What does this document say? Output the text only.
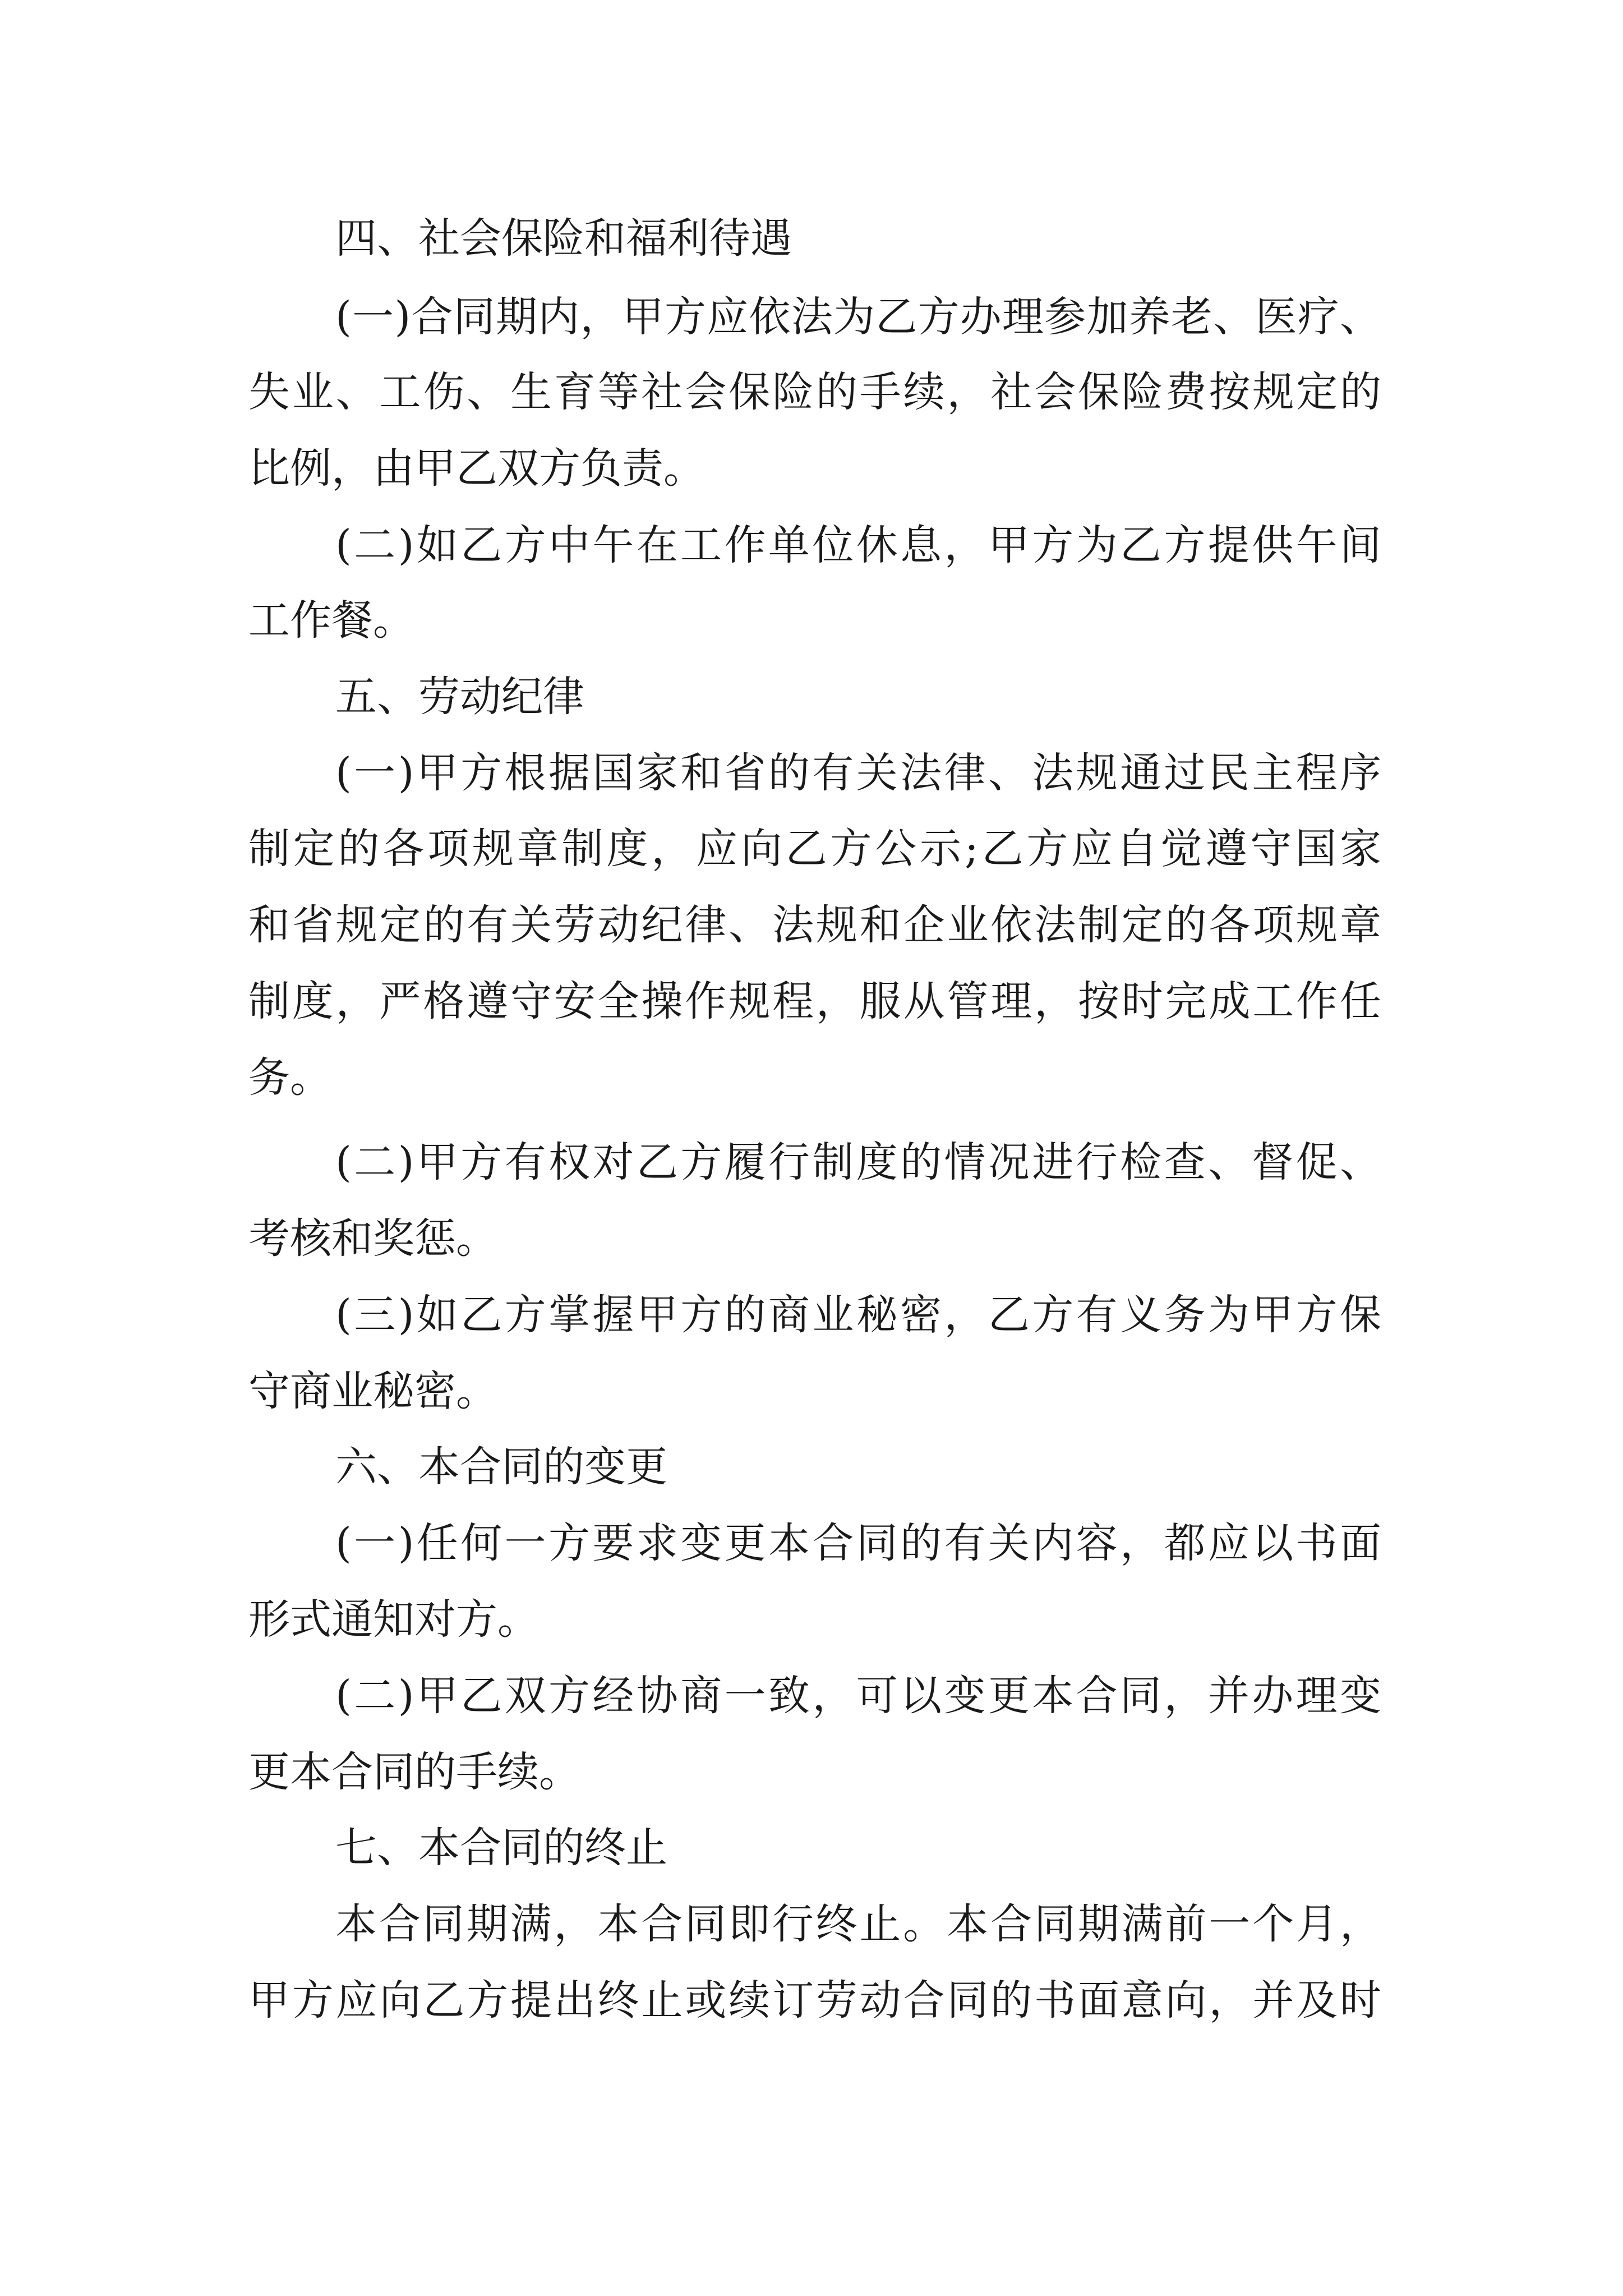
四、社会保险和福利待遇

(一)合同期内，甲方应依法为乙方办理参加养老、医疗、

失业、工伤、生育等社会保险的手续，社会保险费按规定的

比例，由甲乙双方负责。

(二)如乙方中午在工作单位休息，甲方为乙方提供午间

工作餐。

五、劳动纪律

(一)甲方根据国家和省的有关法律、法规通过民主程序

制定的各项规章制度，应向乙方公示;乙方应自觉遵守国家

和省规定的有关劳动纪律、法规和企业依法制定的各项规章

制度，严格遵守安全操作规程，服从管理，按时完成工作任

务。

(二)甲方有权对乙方履行制度的情况进行检查、督促、

考核和奖惩。

(三)如乙方掌握甲方的商业秘密，乙方有义务为甲方保

守商业秘密。

六、本合同的变更

(一)任何一方要求变更本合同的有关内容，都应以书面

形式通知对方。

(二)甲乙双方经协商一致，可以变更本合同，并办理变

更本合同的手续。

七、本合同的终止

本合同期满，本合同即行终止。本合同期满前一个月，

甲方应向乙方提出终止或续订劳动合同的书面意向，并及时
